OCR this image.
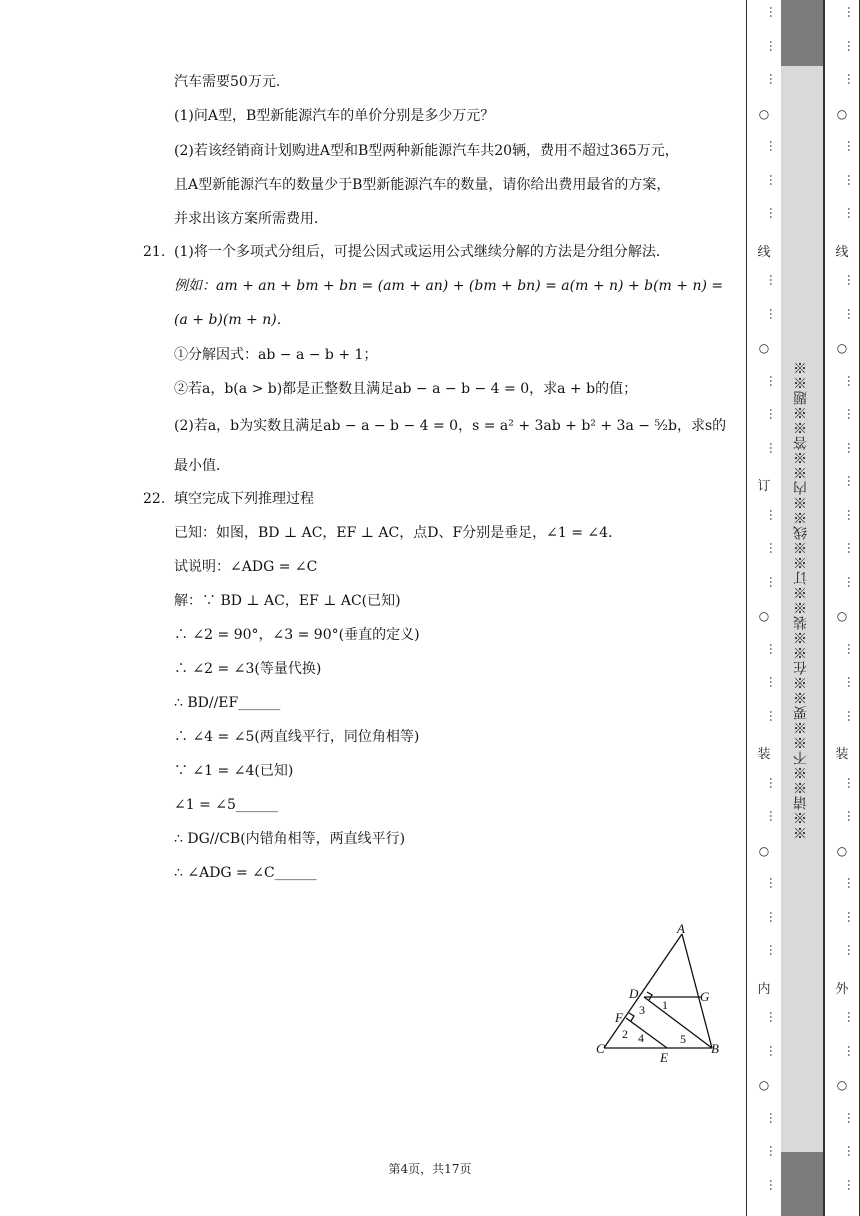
汽车需要50万元．
(1)问A型，B型新能源汽车的单价分别是多少万元？
(2)若该经销商计划购进A型和B型两种新能源汽车共20辆，费用不超过365万元，
且A型新能源汽车的数量少于B型新能源汽车的数量，请你给出费用最省的方案，
并求出该方案所需费用．
21. (1)将一个多项式分组后，可提公因式或运用公式继续分解的方法是分组分解法．
例如：am + an + bm + bn = (am + an) + (bm + bn) = a(m + n) + b(m + n) =
(a + b)(m + n)．
①分解因式：ab − a − b + 1；
②若a，b(a > b)都是正整数且满足ab − a − b − 4 = 0，求a + b的值；
(2)若a，b为实数且满足ab − a − b − 4 = 0，s = a² + 3ab + b² + 3a − ⁵⁄₂b，求s的
最小值．
22. 填空完成下列推理过程
已知：如图，BD ⊥ AC，EF ⊥ AC，点D、F分别是垂足，∠1 = ∠4．
试说明：∠ADG = ∠C
解：∵ BD ⊥ AC，EF ⊥ AC(已知)
∴ ∠2 = 90°，∠3 = 90°(垂直的定义)
∴ ∠2 = ∠3(等量代换)
∴ BD//EF______
∴ ∠4 = ∠5(两直线平行，同位角相等)
∵ ∠1 = ∠4(已知)
∠1 = ∠5______
∴ DG//CB(内错角相等，两直线平行)
∴ ∠ADG = ∠C______
A
D	G
F
C
E
B
1
3
2 4	5
第4页，共17页
…
…
…
○
…
…
…
线
…
…
○
…
…
…
订
…
…
…
○
…
…
…
装
…
…
○
…
…
…
内
…
…
○
…
…
…
※※请※※不※※要※※在※※装※※订※※线※※内※※答※※题※※
…
…
…
○
…
…
…
线
…
…
○
…
…
…
…
…
…
…
○
…
…
…
装
…
…
○
…
…
…
外
…
…
○
…
…
…
